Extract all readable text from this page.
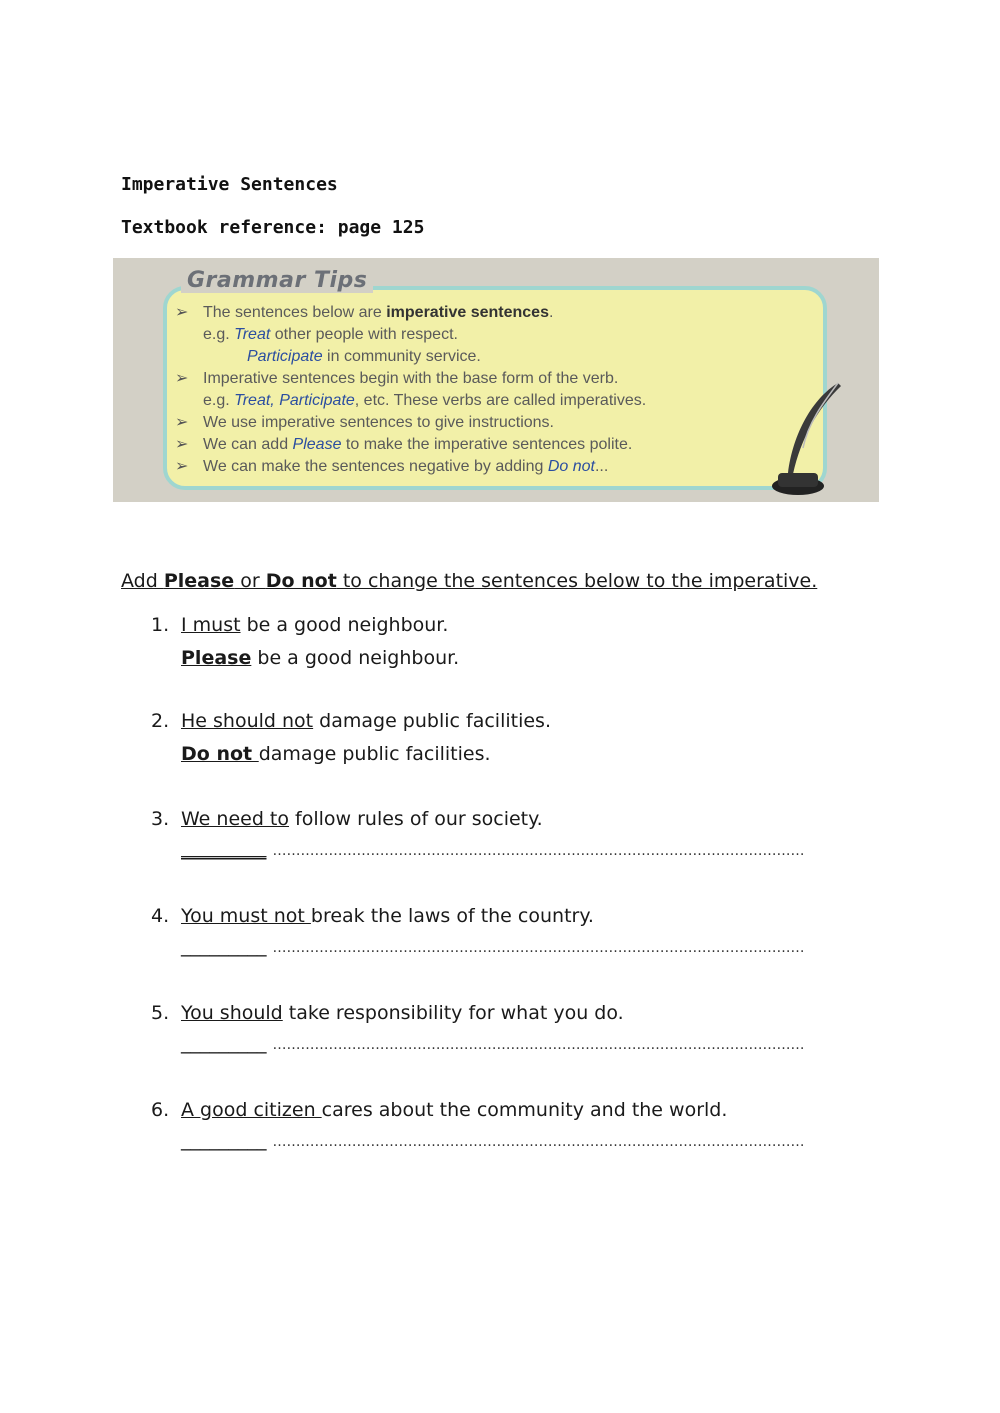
Imperative Sentences

Textbook reference: page 125

Grammar Tips
➢ The sentences below are imperative sentences.
e.g. Treat other people with respect.
Participate in community service.
➢ Imperative sentences begin with the base form of the verb.
e.g. Treat, Participate, etc. These verbs are called imperatives.
➢ We use imperative sentences to give instructions.
➢ We can add Please to make the imperative sentences polite.
➢ We can make the sentences negative by adding Do not...

Add Please or Do not to change the sentences below to the imperative.

1. I must be a good neighbour.
Please be a good neighbour.
2. He should not damage public facilities.
Do not damage public facilities.
3. We need to follow rules of our society.
_________ ……………………………………………………………………………………………………
4. You must not break the laws of the country.
_________ ……………………………………………………………………………………………………
5. You should take responsibility for what you do.
_________ ……………………………………………………………………………………………………
6. A good citizen cares about the community and the world.
_________ ……………………………………………………………………………………………………
